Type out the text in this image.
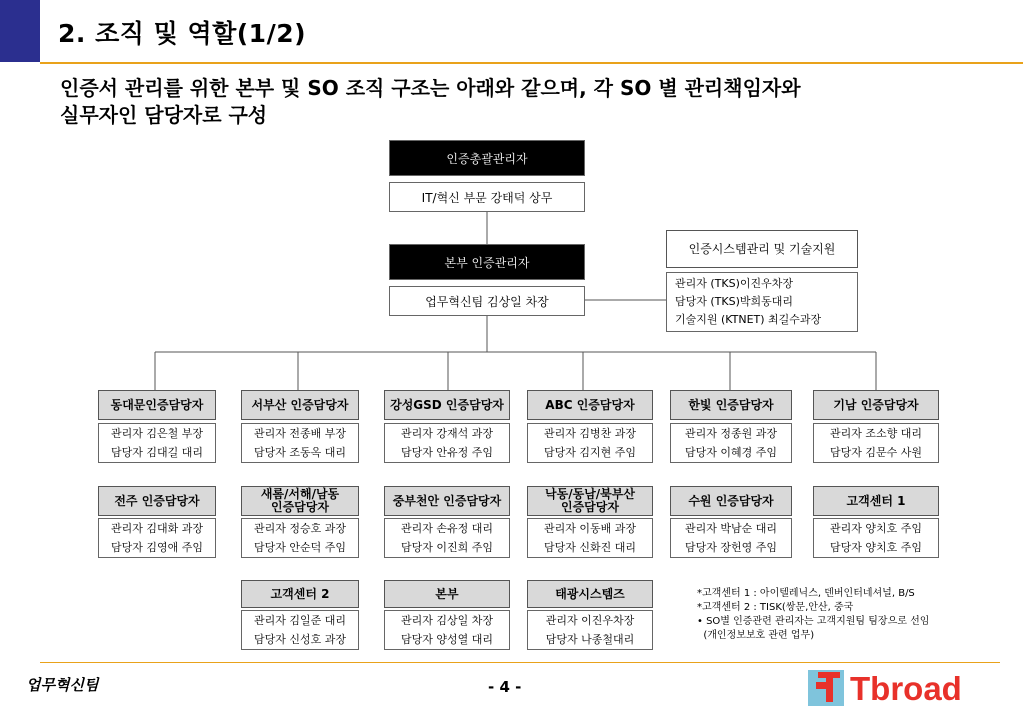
2. 조직 및 역할(1/2)
인증서 관리를 위한 본부 및 SO 조직 구조는 아래와 같으며, 각 SO 별 관리책임자와
실무자인 담당자로 구성
인증총괄관리자
IT/혁신 부문 강태덕 상무
본부 인증관리자
업무혁신팀 김상일 차장
인증시스템관리 및 기술지원
관리자 (TKS)이진우차장
담당자 (TKS)박희동대리
기술지원 (KTNET) 최길수과장
동대문인증담당자
관리자 김은철 부장
담당자 김대길 대리
서부산 인증담당자
관리자 전종배 부장
담당자 조동옥 대리
강성GSD 인증담당자
관리자 강재석 과장
담당자 안유정 주임
ABC 인증담당자
관리자 김병찬 과장
담당자 김지현 주임
한빛 인증담당자
관리자 정종원 과장
담당자 이혜경 주임
기남 인증담당자
관리자 조소향 대리
담당자 김문수 사원
전주 인증담당자
관리자 김대화 과장
담당자 김영애 주임
새롬/서해/남동
인증담당자
관리자 정승호 과장
담당자 안순덕 주임
중부천안 인증담당자
관리자 손유정 대리
담당자 이진희 주임
낙동/동남/북부산
인증담당자
관리자 이동배 과장
담당자 신화진 대리
수원 인증담당자
관리자 박남순 대리
담당자 장헌영 주임
고객센터 1
관리자 양치호 주임
담당자 양치호 주임
고객센터 2
관리자 김일준 대리
담당자 신성호 과장
본부
관리자 김상일 차장
담당자 양성열 대리
태광시스템즈
관리자 이진우차장
담당자 나종철대리
*고객센터 1 : 아이텔레닉스, 덴버인터네셔널, B/S
*고객센터 2 : TISK(쌍문,안산, 중국
• SO별 인증관련 관리자는 고객지원팀 팀장으로 선임
(개인정보보호 관련 업무)
업무혁신팀	- 4 -	Tbroad
